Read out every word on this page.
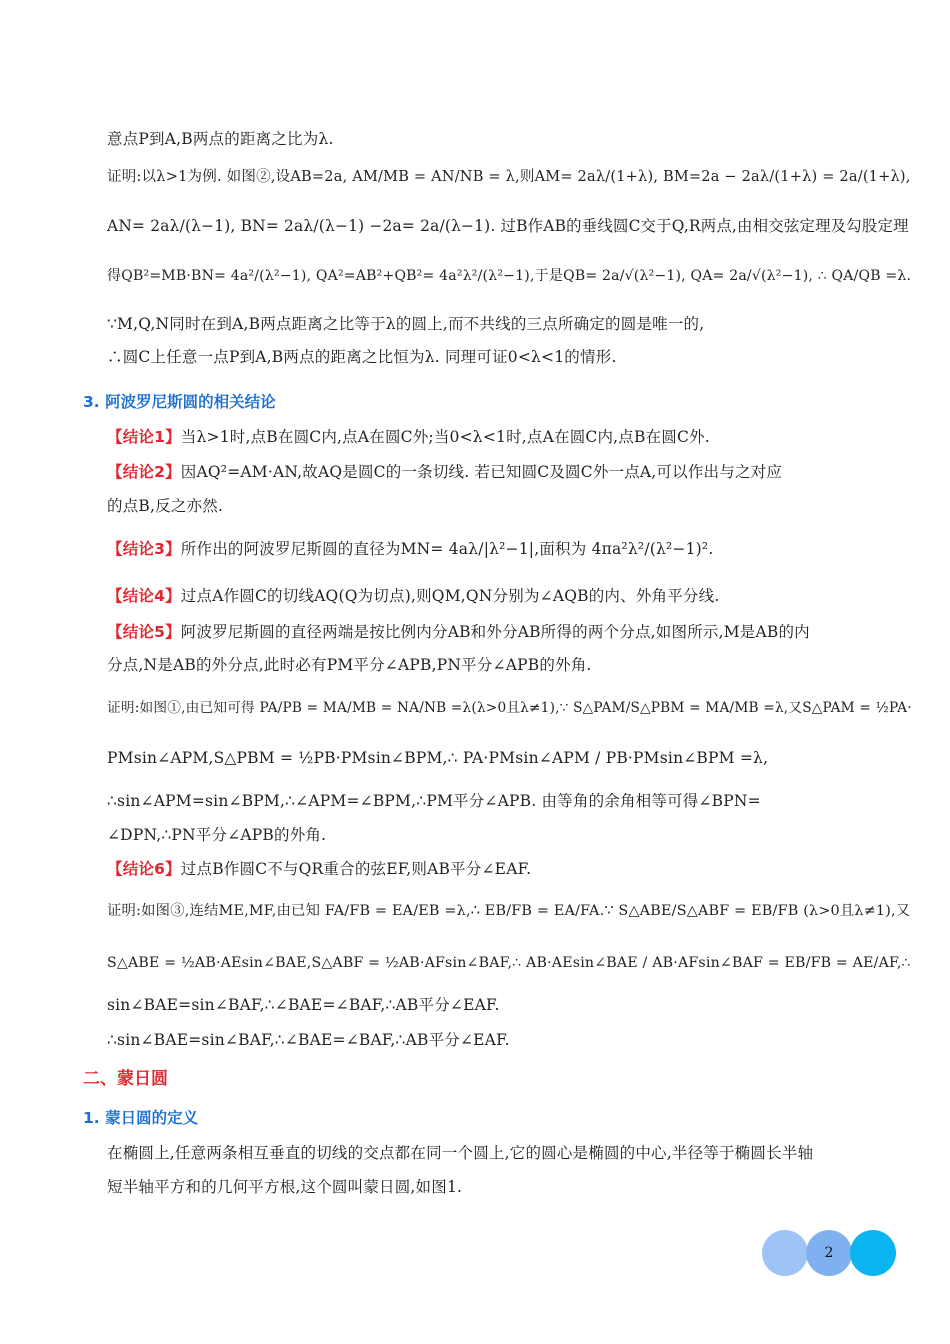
意点P到A,B两点的距离之比为λ.
证明:以λ>1为例. 如图②,设AB=2a, AM/MB = AN/NB = λ,则AM= 2aλ/(1+λ), BM=2a − 2aλ/(1+λ) = 2a/(1+λ),
AN= 2aλ/(λ−1), BN= 2aλ/(λ−1) −2a= 2a/(λ−1). 过B作AB的垂线圆C交于Q,R两点,由相交弦定理及勾股定理
得QB²=MB·BN= 4a²/(λ²−1), QA²=AB²+QB²= 4a²λ²/(λ²−1),于是QB= 2a/√(λ²−1), QA= 2a/√(λ²−1), ∴ QA/QB =λ.
∵M,Q,N同时在到A,B两点距离之比等于λ的圆上,而不共线的三点所确定的圆是唯一的,
∴圆C上任意一点P到A,B两点的距离之比恒为λ. 同理可证0<λ<1的情形.
3. 阿波罗尼斯圆的相关结论
【结论1】当λ>1时,点B在圆C内,点A在圆C外;当0<λ<1时,点A在圆C内,点B在圆C外.
【结论2】因AQ²=AM·AN,故AQ是圆C的一条切线. 若已知圆C及圆C外一点A,可以作出与之对应
的点B,反之亦然.
【结论3】所作出的阿波罗尼斯圆的直径为MN= 4aλ/|λ²−1|,面积为 4πa²λ²/(λ²−1)².
【结论4】过点A作圆C的切线AQ(Q为切点),则QM,QN分别为∠AQB的内、外角平分线.
【结论5】阿波罗尼斯圆的直径两端是按比例内分AB和外分AB所得的两个分点,如图所示,M是AB的内
分点,N是AB的外分点,此时必有PM平分∠APB,PN平分∠APB的外角.
证明:如图①,由已知可得 PA/PB = MA/MB = NA/NB =λ(λ>0且λ≠1),∵ S△PAM/S△PBM = MA/MB =λ,又S△PAM = ½PA·
PMsin∠APM,S△PBM = ½PB·PMsin∠BPM,∴ PA·PMsin∠APM / PB·PMsin∠BPM =λ,
∴sin∠APM=sin∠BPM,∴∠APM=∠BPM,∴PM平分∠APB. 由等角的余角相等可得∠BPN=
∠DPN,∴PN平分∠APB的外角.
【结论6】过点B作圆C不与QR重合的弦EF,则AB平分∠EAF.
证明:如图③,连结ME,MF,由已知 FA/FB = EA/EB =λ,∴ EB/FB = EA/FA.∵ S△ABE/S△ABF = EB/FB (λ>0且λ≠1),又
S△ABE = ½AB·AEsin∠BAE,S△ABF = ½AB·AFsin∠BAF,∴ AB·AEsin∠BAE / AB·AFsin∠BAF = EB/FB = AE/AF,∴
sin∠BAE=sin∠BAF,∴∠BAE=∠BAF,∴AB平分∠EAF.
∴sin∠BAE=sin∠BAF,∴∠BAE=∠BAF,∴AB平分∠EAF.
二、蒙日圆
1. 蒙日圆的定义
在椭圆上,任意两条相互垂直的切线的交点都在同一个圆上,它的圆心是椭圆的中心,半径等于椭圆长半轴
短半轴平方和的几何平方根,这个圆叫蒙日圆,如图1.
2
